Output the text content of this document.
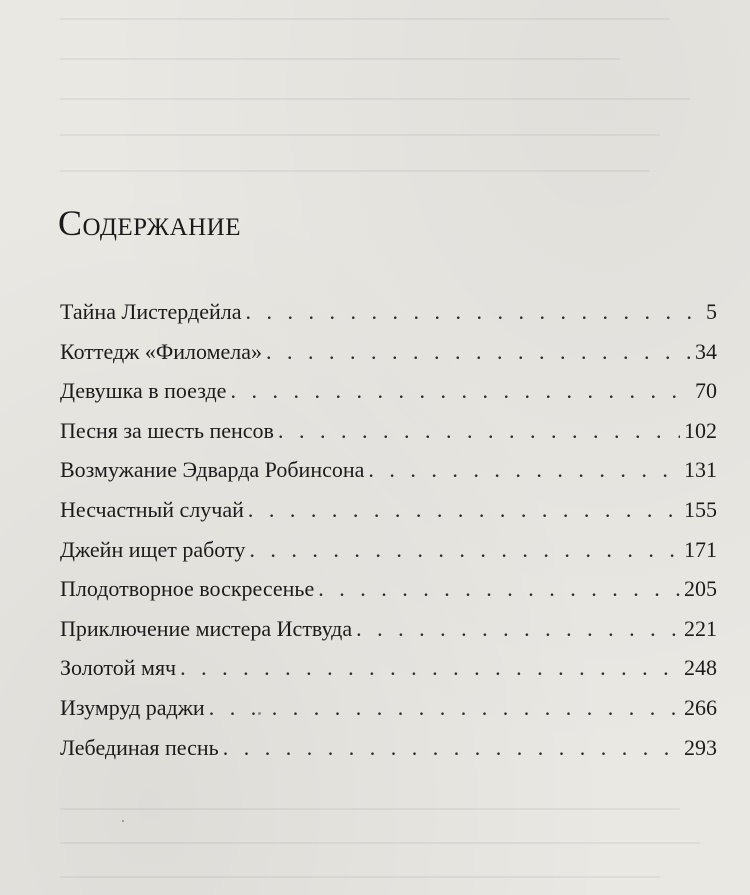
Содержание
Тайна Листердейла . . .	5
Коттедж «Филомела» . . .	34
Девушка в поезде . . .	70
Песня за шесть пенсов . . .	102
Возмужание Эдварда Робинсона . . .	131
Несчастный случай . . .	155
Джейн ищет работу . . .	171
Плодотворное воскресенье . . .	205
Приключение мистера Иствуда . . .	221
Золотой мяч . . .	248
Изумруд раджи . . .	266
Лебединая песнь . . .	293
